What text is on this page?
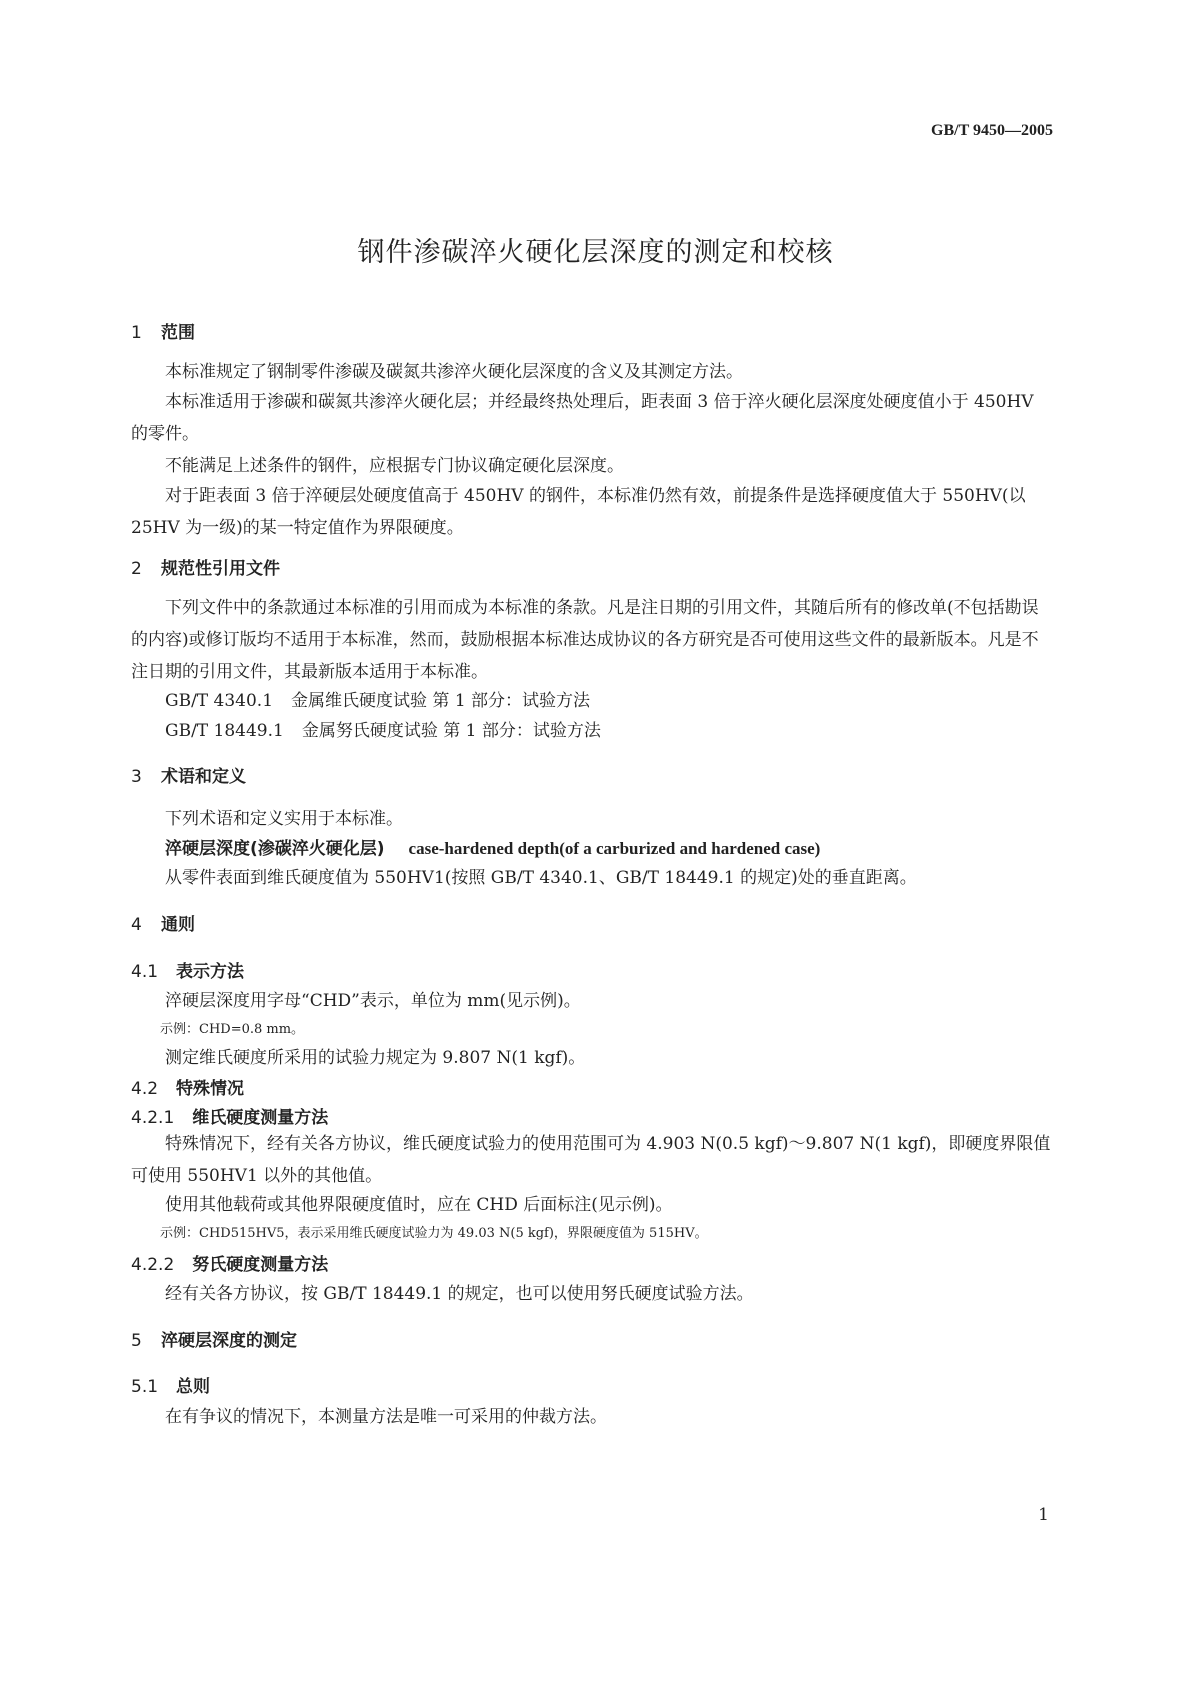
GB/T 9450—2005
钢件渗碳淬火硬化层深度的测定和校核
1 范围
本标准规定了钢制零件渗碳及碳氮共渗淬火硬化层深度的含义及其测定方法。
本标准适用于渗碳和碳氮共渗淬火硬化层；并经最终热处理后，距表面 3 倍于淬火硬化层深度处硬度值小于 450HV 的零件。
不能满足上述条件的钢件，应根据专门协议确定硬化层深度。
对于距表面 3 倍于淬硬层处硬度值高于 450HV 的钢件，本标准仍然有效，前提条件是选择硬度值大于 550HV(以 25HV 为一级)的某一特定值作为界限硬度。
2 规范性引用文件
下列文件中的条款通过本标准的引用而成为本标准的条款。凡是注日期的引用文件，其随后所有的修改单(不包括勘误的内容)或修订版均不适用于本标准，然而，鼓励根据本标准达成协议的各方研究是否可使用这些文件的最新版本。凡是不注日期的引用文件，其最新版本适用于本标准。
GB/T 4340.1 金属维氏硬度试验 第 1 部分：试验方法
GB/T 18449.1 金属努氏硬度试验 第 1 部分：试验方法
3 术语和定义
下列术语和定义实用于本标准。
淬硬层深度(渗碳淬火硬化层) case-hardened depth(of a carburized and hardened case)
从零件表面到维氏硬度值为 550HV1(按照 GB/T 4340.1、GB/T 18449.1 的规定)处的垂直距离。
4 通则
4.1 表示方法
淬硬层深度用字母“CHD”表示，单位为 mm(见示例)。
示例：CHD=0.8 mm。
测定维氏硬度所采用的试验力规定为 9.807 N(1 kgf)。
4.2 特殊情况
4.2.1 维氏硬度测量方法
特殊情况下，经有关各方协议，维氏硬度试验力的使用范围可为 4.903 N(0.5 kgf)～9.807 N(1 kgf)，即硬度界限值可使用 550HV1 以外的其他值。
使用其他载荷或其他界限硬度值时，应在 CHD 后面标注(见示例)。
示例：CHD515HV5，表示采用维氏硬度试验力为 49.03 N(5 kgf)，界限硬度值为 515HV。
4.2.2 努氏硬度测量方法
经有关各方协议，按 GB/T 18449.1 的规定，也可以使用努氏硬度试验方法。
5 淬硬层深度的测定
5.1 总则
在有争议的情况下，本测量方法是唯一可采用的仲裁方法。
1
